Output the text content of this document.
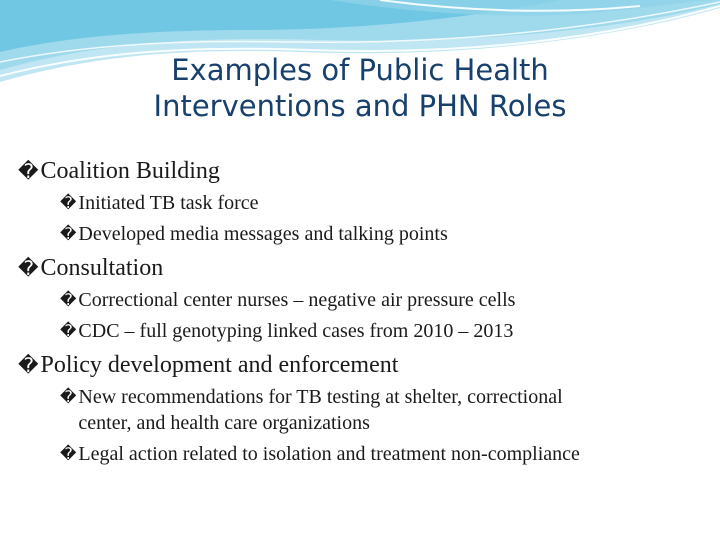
Examples of Public Health
Interventions and PHN Roles
� Coalition Building
� Initiated TB task force
� Developed media messages and talking points
� Consultation
� Correctional center nurses – negative air pressure cells
� CDC – full genotyping linked cases from 2010 – 2013
� Policy development and enforcement
� New recommendations for TB testing at shelter, correctional center, and health care organizations
� Legal action related to isolation and treatment non-compliance
